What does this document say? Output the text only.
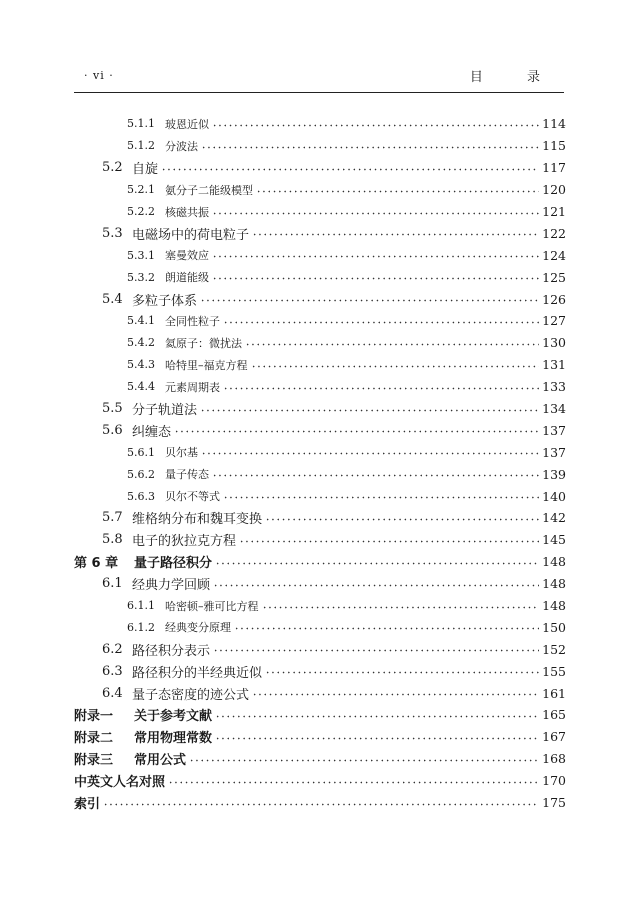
· vi ·	目 录
5.1.1 玻恩近似	114
5.1.2 分波法	115
5.2 自旋	117
5.2.1 氨分子二能级模型	120
5.2.2 核磁共振	121
5.3 电磁场中的荷电粒子	122
5.3.1 塞曼效应	124
5.3.2 朗道能级	125
5.4 多粒子体系	126
5.4.1 全同性粒子	127
5.4.2 氦原子：微扰法	130
5.4.3 哈特里–福克方程	131
5.4.4 元素周期表	133
5.5 分子轨道法	134
5.6 纠缠态	137
5.6.1 贝尔基	137
5.6.2 量子传态	139
5.6.3 贝尔不等式	140
5.7 维格纳分布和魏耳变换	142
5.8 电子的狄拉克方程	145
第 6 章	量子路径积分	148
6.1 经典力学回顾	148
6.1.1 哈密顿–雅可比方程	148
6.1.2 经典变分原理	150
6.2 路径积分表示	152
6.3 路径积分的半经典近似	155
6.4 量子态密度的迹公式	161
附录一	关于参考文献	165
附录二	常用物理常数	167
附录三	常用公式	168
中英文人名对照	170
索引	175
